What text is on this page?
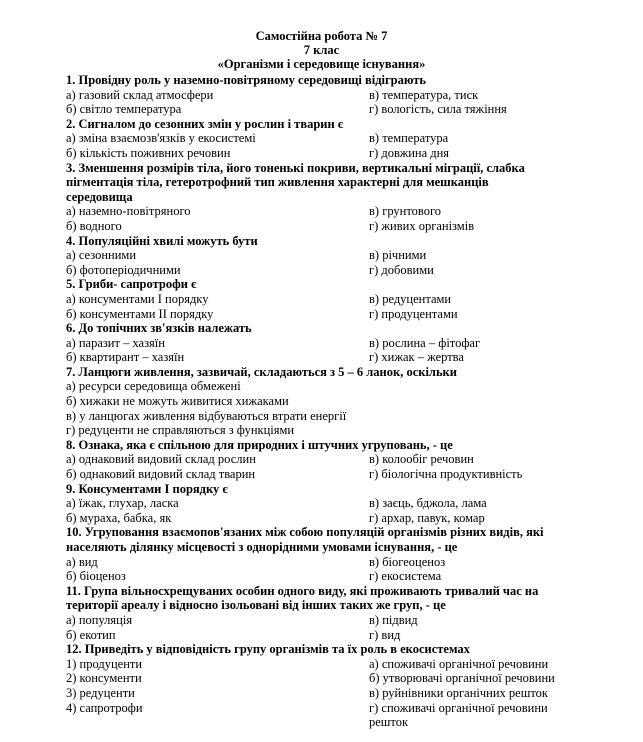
Самостійна робота № 7
7 клас
«Організми і середовище існування»
1. Провідну роль у наземно-повітряному середовищі відіграють
а) газовий склад атмосфери	в) температура, тиск
б) світло температура	г) вологість, сила тяжіння
2. Сигналом до сезонних змін у рослин і тварин є
а) зміна взаємозв'язків у екосистемі	в) температура
б) кількість поживних речовин	г) довжина дня
3. Зменшення розмірів тіла, його тоненькі покриви, вертикальні міграції, слабка
пігментація тіла, гетеротрофний тип живлення характерні для мешканців середовища
а) наземно-повітряного	в) грунтового
б) водного	г) живих організмів
4. Популяційні хвилі можуть бути
а) сезонними	в) річними
б) фотоперіодичними	г) добовими
5. Гриби- сапротрофи є
а) консументами І порядку	в) редуцентами
б) консументами ІІ порядку	г) продуцентами
6. До топічних зв'язків належать
а) паразит – хазяїн	в) рослина – фітофаг
б) квартирант – хазяїн	г) хижак – жертва
7. Ланцюги живлення, зазвичай, складаються з 5 – 6 ланок, оскільки
а) ресурси середовища обмежені
б) хижаки не можуть живитися хижаками
в) у ланцюгах живлення відбуваються втрати енергії
г) редуценти не справляються з функціями
8. Ознака, яка є спільною для природних і штучних угруповань, - це
а) однаковий видовий склад рослин	в) колообіг речовин
б) однаковий видовий склад тварин	г) біологічна продуктивність
9. Консументами І порядку є
а) їжак, глухар, ласка	в) заєць, бджола, лама
б) мураха, бабка, як	г) архар, павук, комар
10. Угруповання взаємопов'язаних між собою популяцій організмів різних видів, які
населяють ділянку місцевості з однорідними умовами існування, - це
а) вид	в) біогеоценоз
б) біоценоз	г) екосистема
11. Група вільносхрещуваних особин одного виду, які проживають тривалий час на
території ареалу і відносно ізольовані від інших таких же груп, - це
а) популяція	в) підвид
б) екотип	г) вид
12. Приведіть у відповідність групу організмів та їх роль в екосистемах
1) продуценти	а) споживачі органічної речовини
2) консументи	б) утворювачі органічної речовини
3) редуценти	в) руйнівники органічних решток
4) сапротрофи	г) споживачі органічної речовини
решток
